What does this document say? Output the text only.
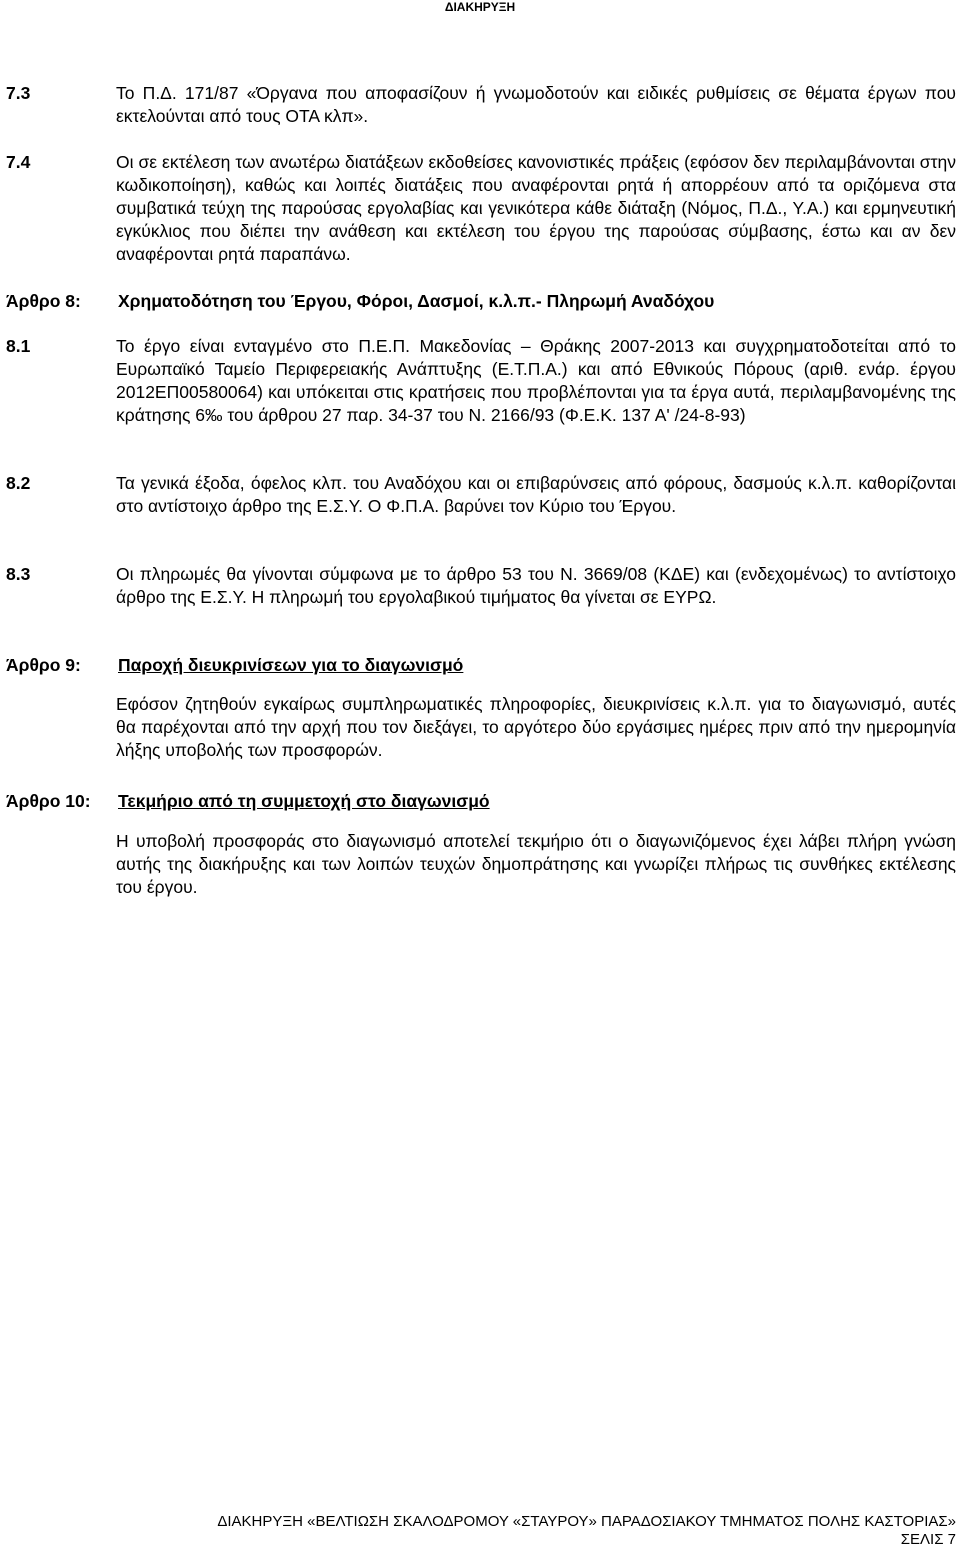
ΔΙΑΚΗΡΥΞΗ
7.3	Το Π.Δ. 171/87 «Όργανα που αποφασίζουν ή γνωμοδοτούν και ειδικές ρυθμίσεις σε θέματα έργων που εκτελούνται από τους ΟΤΑ κλπ».
7.4	Οι σε εκτέλεση των ανωτέρω διατάξεων εκδοθείσες κανονιστικές πράξεις (εφόσον δεν περιλαμβάνονται στην κωδικοποίηση), καθώς και λοιπές διατάξεις που αναφέρονται ρητά ή απορρέουν από τα οριζόμενα στα συμβατικά τεύχη της παρούσας εργολαβίας και γενικότερα κάθε διάταξη (Νόμος, Π.Δ., Υ.Α.) και ερμηνευτική εγκύκλιος που διέπει την ανάθεση και εκτέλεση του έργου της παρούσας σύμβασης, έστω και αν δεν αναφέρονται ρητά παραπάνω.
Άρθρο 8: Χρηματοδότηση του Έργου, Φόροι, Δασμοί, κ.λ.π.- Πληρωμή Αναδόχου
8.1	Το έργο είναι ενταγμένο στο Π.Ε.Π. Μακεδονίας – Θράκης 2007-2013 και συγχρηματοδοτείται από το Ευρωπαϊκό Ταμείο Περιφερειακής Ανάπτυξης (Ε.Τ.Π.Α.) και από Εθνικούς Πόρους (αριθ. ενάρ. έργου 2012ΕΠ00580064) και υπόκειται στις κρατήσεις που προβλέπονται για τα έργα αυτά, περιλαμβανομένης της κράτησης 6‰ του άρθρου 27 παρ. 34-37 του Ν. 2166/93 (Φ.Ε.Κ. 137 Α' /24-8-93)
8.2	Τα γενικά έξοδα, όφελος κλπ. του Αναδόχου και οι επιβαρύνσεις από φόρους, δασμούς κ.λ.π. καθορίζονται στο αντίστοιχο άρθρο της Ε.Σ.Υ. Ο Φ.Π.Α. βαρύνει τον Κύριο του Έργου.
8.3	Οι πληρωμές θα γίνονται σύμφωνα με το άρθρο 53 του Ν. 3669/08 (ΚΔΕ) και (ενδεχομένως) το αντίστοιχο άρθρο της Ε.Σ.Υ. Η πληρωμή του εργολαβικού τιμήματος θα γίνεται σε ΕΥΡΩ.
Άρθρο 9: Παροχή διευκρινίσεων για το διαγωνισμό
Εφόσον ζητηθούν εγκαίρως συμπληρωματικές πληροφορίες, διευκρινίσεις κ.λ.π. για το διαγωνισμό, αυτές θα παρέχονται από την αρχή που τον διεξάγει, το αργότερο δύο εργάσιμες ημέρες πριν από την ημερομηνία λήξης υποβολής των προσφορών.
Άρθρο 10: Τεκμήριο από τη συμμετοχή στο διαγωνισμό
Η υποβολή προσφοράς στο διαγωνισμό αποτελεί τεκμήριο ότι ο διαγωνιζόμενος έχει λάβει πλήρη γνώση αυτής της διακήρυξης και των λοιπών τευχών δημοπράτησης και γνωρίζει πλήρως τις συνθήκες εκτέλεσης του έργου.
ΔΙΑΚΗΡΥΞΗ «ΒΕΛΤΙΩΣΗ ΣΚΑΛΟΔΡΟΜΟΥ «ΣΤΑΥΡΟΥ» ΠΑΡΑΔΟΣΙΑΚΟΥ ΤΜΗΜΑΤΟΣ ΠΟΛΗΣ ΚΑΣΤΟΡΙΑΣ»
ΣΕΛΙΣ 7
